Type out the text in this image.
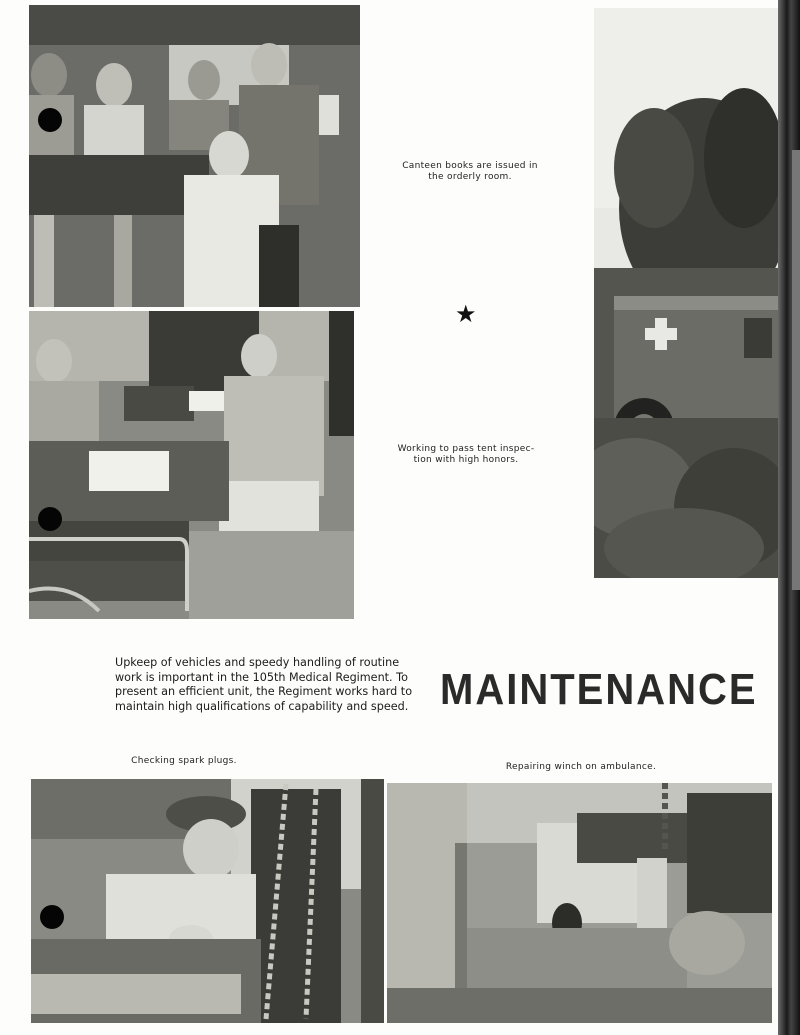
Canteen books are issued in
the orderly room.
★
Working to pass tent inspec-
tion with high honors.
Upkeep of vehicles and speedy handling of routine work is important in the 105th Medical Regiment. To present an efficient unit, the Regiment works hard to maintain high qualifications of capability and speed. MAINTENANCE
Checking spark plugs.
Repairing winch on ambulance.
